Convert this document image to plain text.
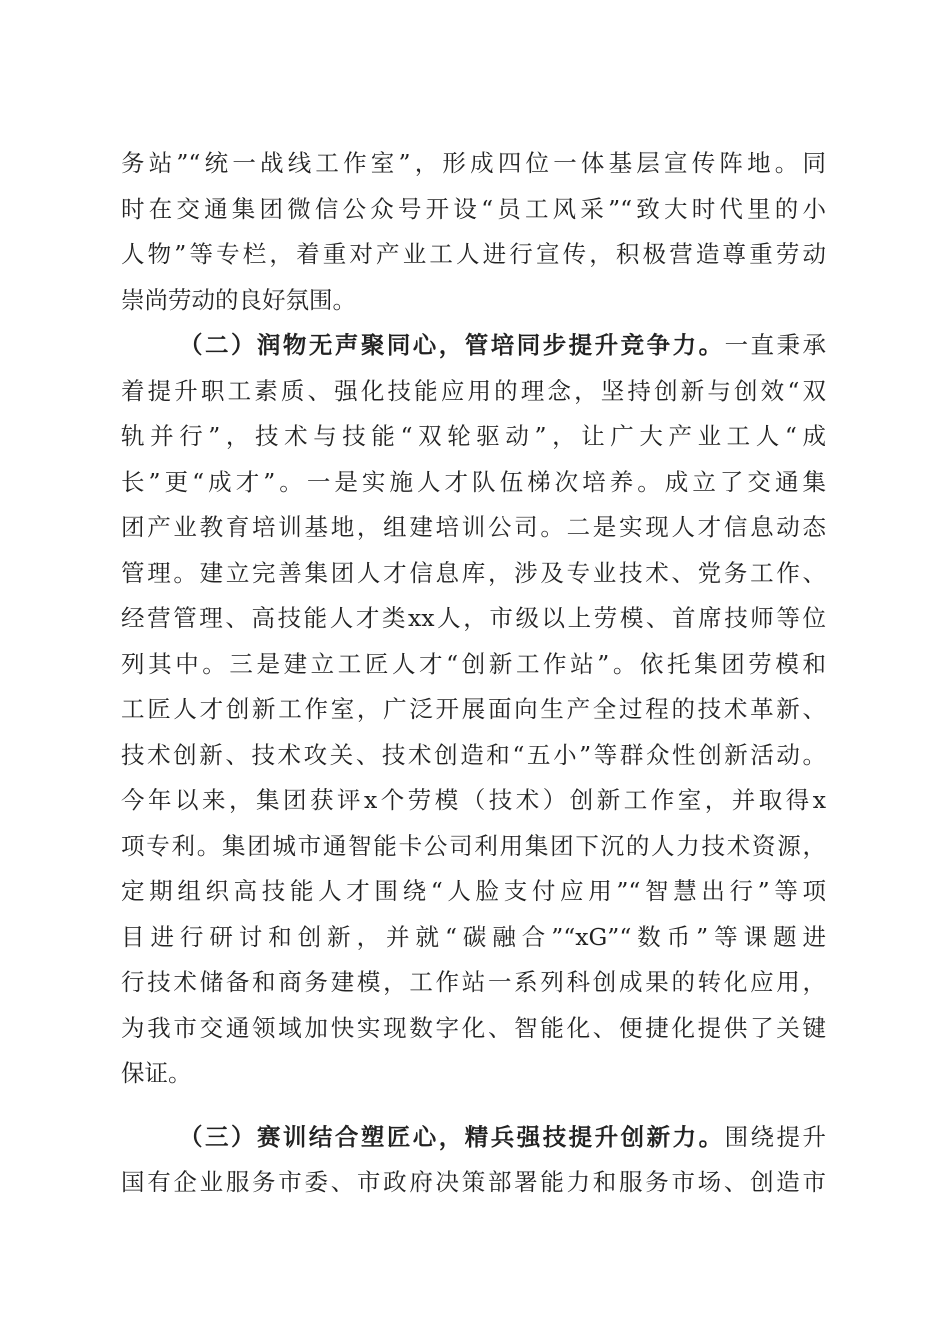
务站”“统一战线工作室”，形成四位一体基层宣传阵地。同
时在交通集团微信公众号开设“员工风采”“致大时代里的小
人物”等专栏，着重对产业工人进行宣传，积极营造尊重劳动
崇尚劳动的良好氛围。
（二）润物无声聚同心，管培同步提升竞争力。一直秉承
着提升职工素质、强化技能应用的理念，坚持创新与创效“双
轨并行”，技术与技能“双轮驱动”，让广大产业工人“成
长”更“成才”。一是实施人才队伍梯次培养。成立了交通集
团产业教育培训基地，组建培训公司。二是实现人才信息动态
管理。建立完善集团人才信息库，涉及专业技术、党务工作、
经营管理、高技能人才类xx人，市级以上劳模、首席技师等位
列其中。三是建立工匠人才“创新工作站”。依托集团劳模和
工匠人才创新工作室，广泛开展面向生产全过程的技术革新、
技术创新、技术攻关、技术创造和“五小”等群众性创新活动。
今年以来，集团获评x个劳模（技术）创新工作室，并取得x
项专利。集团城市通智能卡公司利用集团下沉的人力技术资源，
定期组织高技能人才围绕“人脸支付应用”“智慧出行”等项
目进行研讨和创新，并就“碳融合”“xG”“数币”等课题进
行技术储备和商务建模，工作站一系列科创成果的转化应用，
为我市交通领域加快实现数字化、智能化、便捷化提供了关键
保证。
（三）赛训结合塑匠心，精兵强技提升创新力。围绕提升
国有企业服务市委、市政府决策部署能力和服务市场、创造市
